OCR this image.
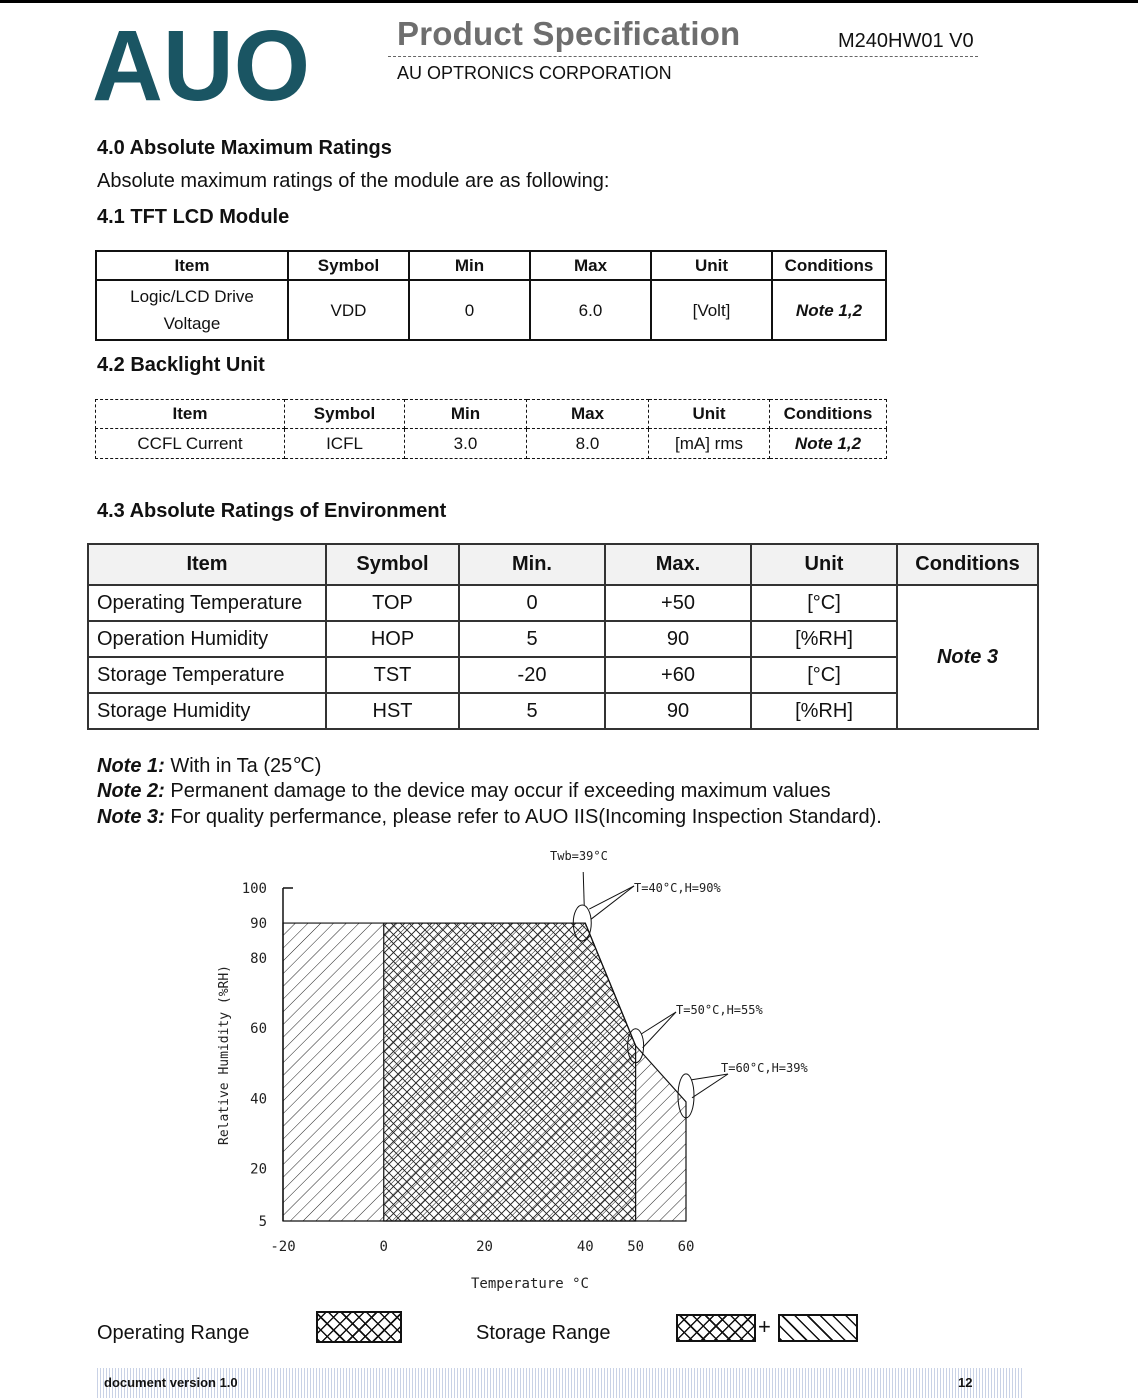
AUO	Product Specification	M240HW01 V0
AU OPTRONICS CORPORATION
4.0 Absolute Maximum Ratings
Absolute maximum ratings of the module are as following:
4.1 TFT LCD Module
Item	Symbol	Min	Max	Unit	Conditions
Logic/LCD Drive
Voltage	VDD	0	6.0	[Volt]	Note 1,2
4.2 Backlight Unit
Item	Symbol	Min	Max	Unit	Conditions
CCFL Current	ICFL	3.0	8.0	[mA] rms	Note 1,2
4.3 Absolute Ratings of Environment
Item	Symbol	Min.	Max.	Unit	Conditions
Operating Temperature	TOP	0	+50	[°C]	Note 3
Operation Humidity	HOP	5	90	[%RH]	
Storage Temperature	TST	-20	+60	[°C]	
Storage Humidity	HST	5	90	[%RH]	
Note 1: With in Ta (25℃)
Note 2: Permanent damage to the device may occur if exceeding maximum values
Note 3: For quality perfermance, please refer to AUO IIS(Incoming Inspection Standard).
-20	0	20	40 50 60
100
90
80
60
40
20
5
Twb=39°C
T=40°C,H=90%
T=50°C,H=55%
T=60°C,H=39%
Relative Humidity (%RH)
Temperature °C
Operating Range	Storage Range	+
document version 1.0	12
